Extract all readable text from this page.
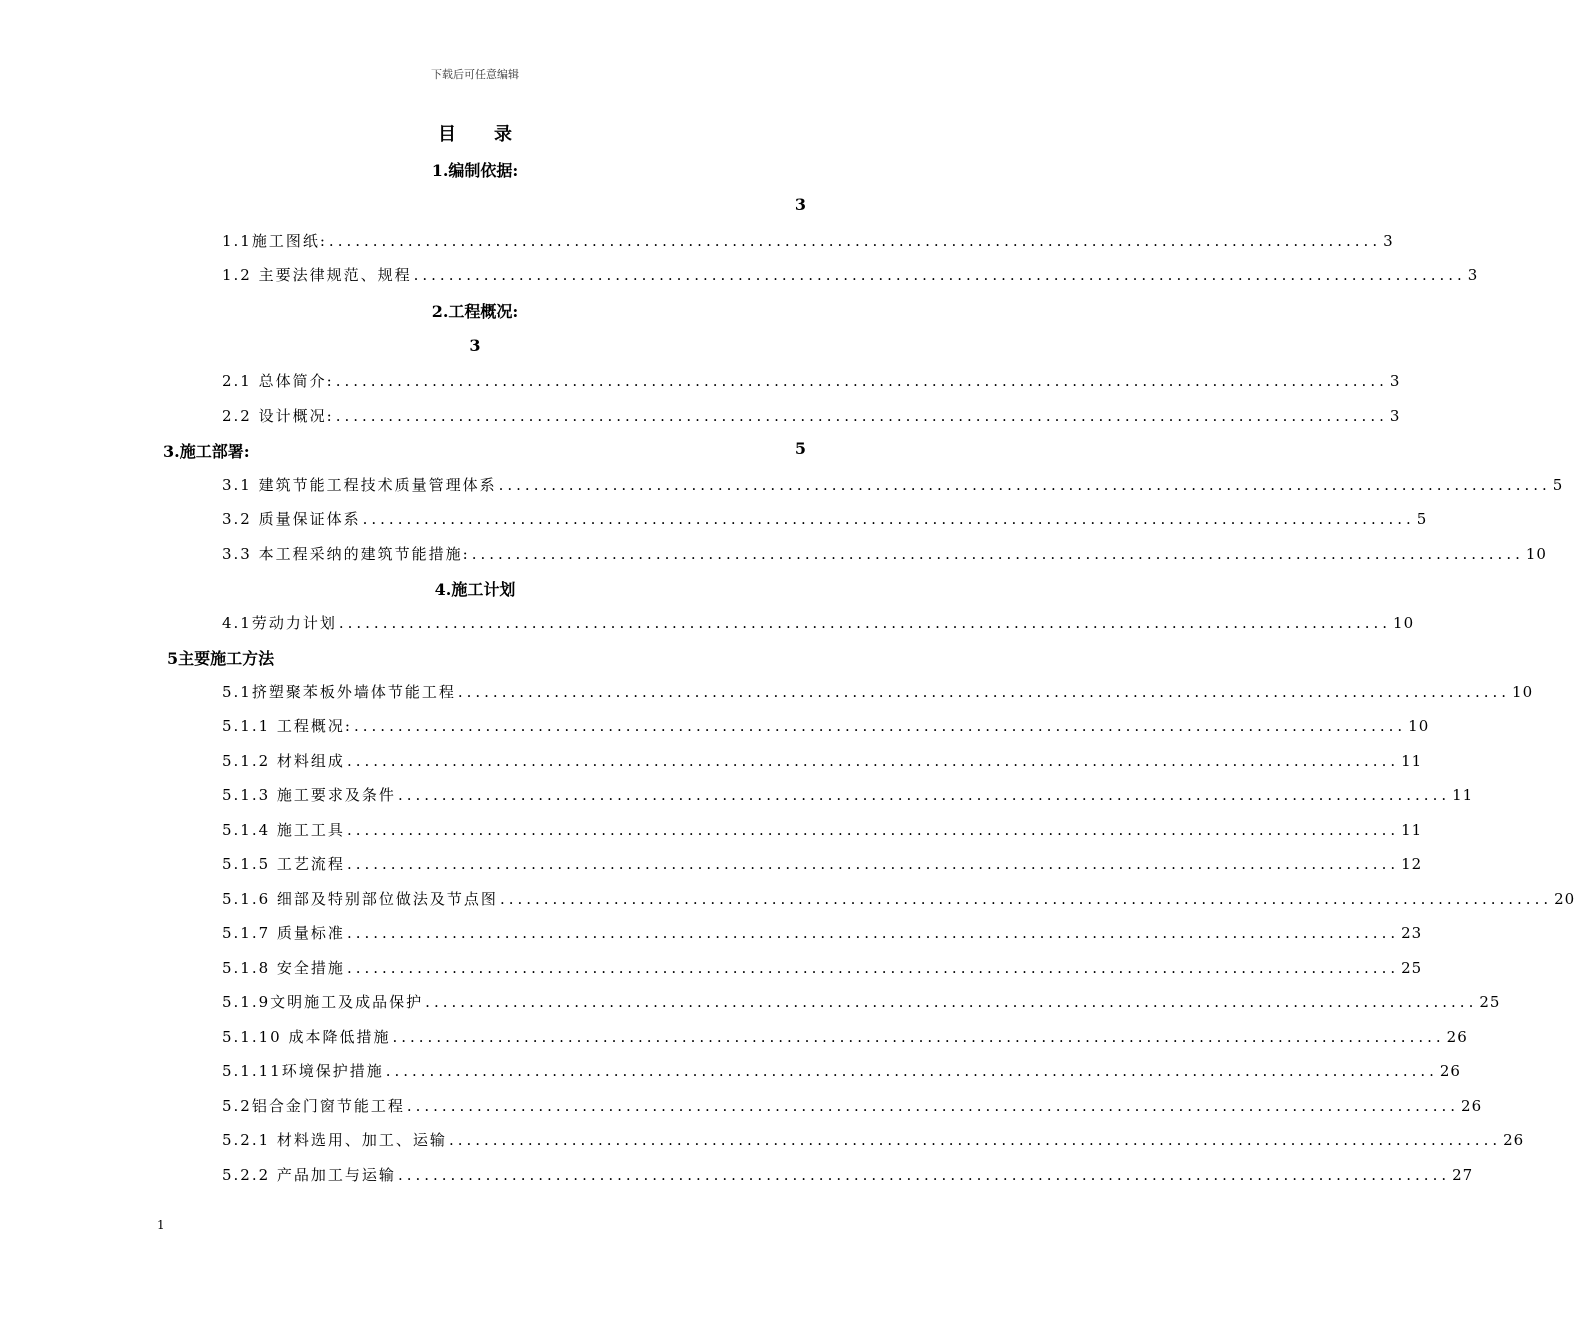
下载后可任意编辑
目 录
1.编制依据:
3
1.1施工图纸: ........................................................................................................................ 3
1.2 主要法律规范、规程 ........................................................................................................................ 3
2.工程概况:
3
2.1 总体简介: ........................................................................................................................ 3
2.2 设计概况: ........................................................................................................................ 3
3.施工部署:	5
3.1 建筑节能工程技术质量管理体系 ........................................................................................................................ 5
3.2 质量保证体系 ........................................................................................................................ 5
3.3 本工程采纳的建筑节能措施: ........................................................................................................................ 10
4.施工计划
4.1劳动力计划 ........................................................................................................................ 10
5主要施工方法
5.1挤塑聚苯板外墙体节能工程 ........................................................................................................................ 10
5.1.1 工程概况: ........................................................................................................................ 10
5.1.2 材料组成 ........................................................................................................................ 11
5.1.3 施工要求及条件 ........................................................................................................................ 11
5.1.4 施工工具 ........................................................................................................................ 11
5.1.5 工艺流程 ........................................................................................................................ 12
5.1.6 细部及特别部位做法及节点图 ........................................................................................................................ 20
5.1.7 质量标准 ........................................................................................................................ 23
5.1.8 安全措施 ........................................................................................................................ 25
5.1.9文明施工及成品保护 ........................................................................................................................ 25
5.1.10 成本降低措施 ........................................................................................................................ 26
5.1.11环境保护措施 ........................................................................................................................ 26
5.2铝合金门窗节能工程 ........................................................................................................................ 26
5.2.1 材料选用、加工、运输 ........................................................................................................................ 26
5.2.2 产品加工与运输 ........................................................................................................................ 27
1
